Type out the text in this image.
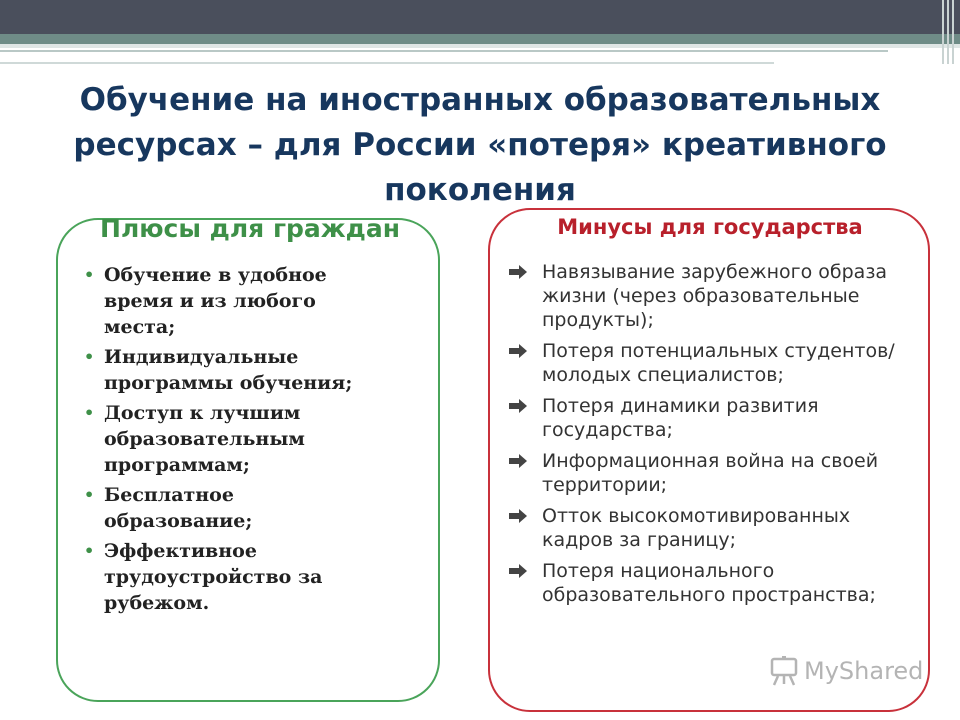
Обучение на иностранных образовательных
ресурсах – для России «потеря» креативного
поколения
Плюсы для граждан
• Обучение в удобное время и из любого места;
• Индивидуальные программы обучения;
• Доступ к лучшим образовательным программам;
• Бесплатное образование;
• Эффективное трудоустройство за рубежом.
Минусы для государства
Навязывание зарубежного образа жизни (через образовательные продукты);
Потеря потенциальных студентов/молодых специалистов;
Потеря динамики развития государства;
Информационная война на своей территории;
Отток высокомотивированных кадров за границу;
Потеря национального образовательного пространства;
MyShared
